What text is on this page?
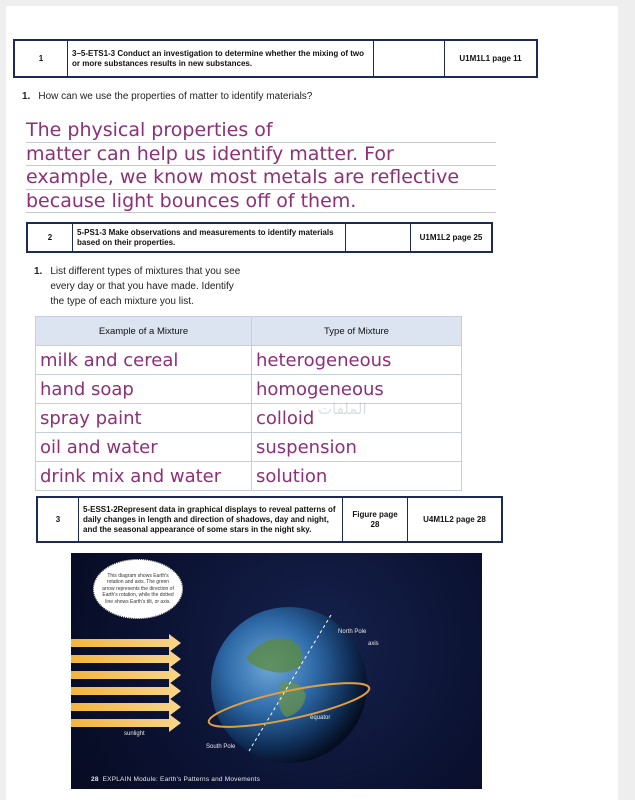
1	3–5-ETS1-3 Conduct an investigation to determine whether the mixing of two or more substances results in new substances.		U1M1L1 page 11
1. How can we use the properties of matter to identify materials?
The physical properties of
matter can help us identify matter. For
example, we know most metals are reflective
because light bounces off of them.
2	5-PS1-3 Make observations and measurements to identify materials based on their properties.		U1M1L2 page 25
1. List different types of mixtures that you see
every day or that you have made. Identify
the type of each mixture you list.
Example of a Mixture	Type of Mixture
milk and cereal	heterogeneous
hand soap	homogeneous
spray paint	colloid
oil and water	suspension
drink mix and water	solution
الملفات
3	5-ESS1-2Represent data in graphical displays to reveal patterns of daily changes in length and direction of shadows, day and night, and the seasonal appearance of some stars in the night sky.	Figure page 28	U4M1L2 page 28
This diagram shows Earth's rotation and axis. The green arrow represents the direction of Earth's rotation, while the dotted line shows Earth's tilt, or axis.
North Pole
axis
equator
South Pole
sunlight
28 EXPLAIN Module: Earth's Patterns and Movements
